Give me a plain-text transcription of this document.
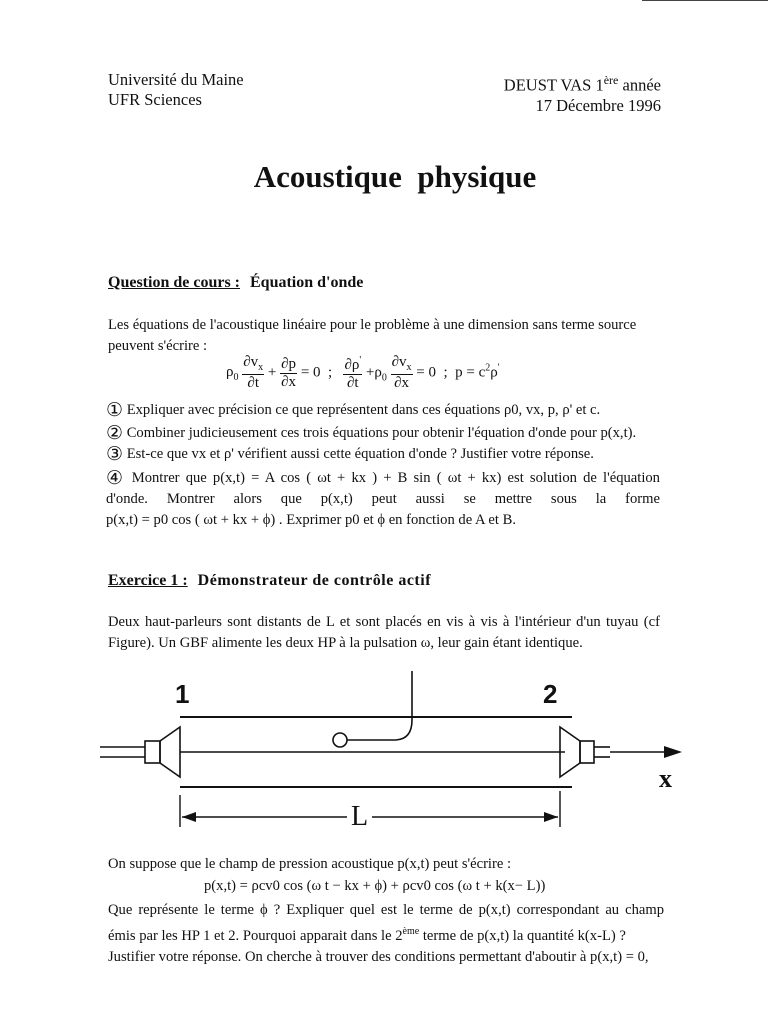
Université du Maine
UFR Sciences
DEUST VAS 1ère année
17 Décembre 1996
Acoustique  physique
Question de cours : Équation d'onde
Les équations de l'acoustique linéaire pour le problème à une dimension sans terme source
peuvent s'écrire :
$\rho_0 \frac{\partial v_x}{\partial t} + \frac{\partial p}{\partial x} = 0$  ; $\frac{\partial\rho'}{\partial t} +\rho_0 \frac{\partial v_x}{\partial x} = 0$  ;  $p = c^2\rho'$
① Expliquer avec précision ce que représentent dans ces équations ρ0, vx, p, ρ' et c.
② Combiner judicieusement ces trois équations pour obtenir l'équation d'onde pour p(x,t).
③ Est-ce que vx et ρ' vérifient aussi cette équation d'onde ? Justifier votre réponse.
④ Montrer que p(x,t) = A cos ( ωt + kx ) + B sin ( ωt + kx) est solution de l'équation
d'onde. Montrer alors que p(x,t) peut aussi se mettre sous la forme
p(x,t) = p0 cos ( ωt + kx + ϕ) . Exprimer p0 et ϕ en fonction de A et B.
Exercice 1 : Démonstrateur de contrôle actif
Deux haut-parleurs sont distants de L et sont placés en vis à vis à l'intérieur d'un tuyau (cf
Figure). Un GBF alimente les deux HP à la pulsation ω, leur gain étant identique.
1	2
x
L
On suppose que le champ de pression acoustique p(x,t) peut s'écrire :
p(x,t) = ρcv0 cos (ω t − kx + ϕ) + ρcv0 cos (ω t + k(x− L))
Que représente le terme ϕ ? Expliquer quel est le terme de p(x,t) correspondant au champ
émis par les HP 1 et 2. Pourquoi apparait dans le 2ème terme de p(x,t) la quantité k(x-L) ?
Justifier votre réponse. On cherche à trouver des conditions permettant d'aboutir à p(x,t) = 0,
